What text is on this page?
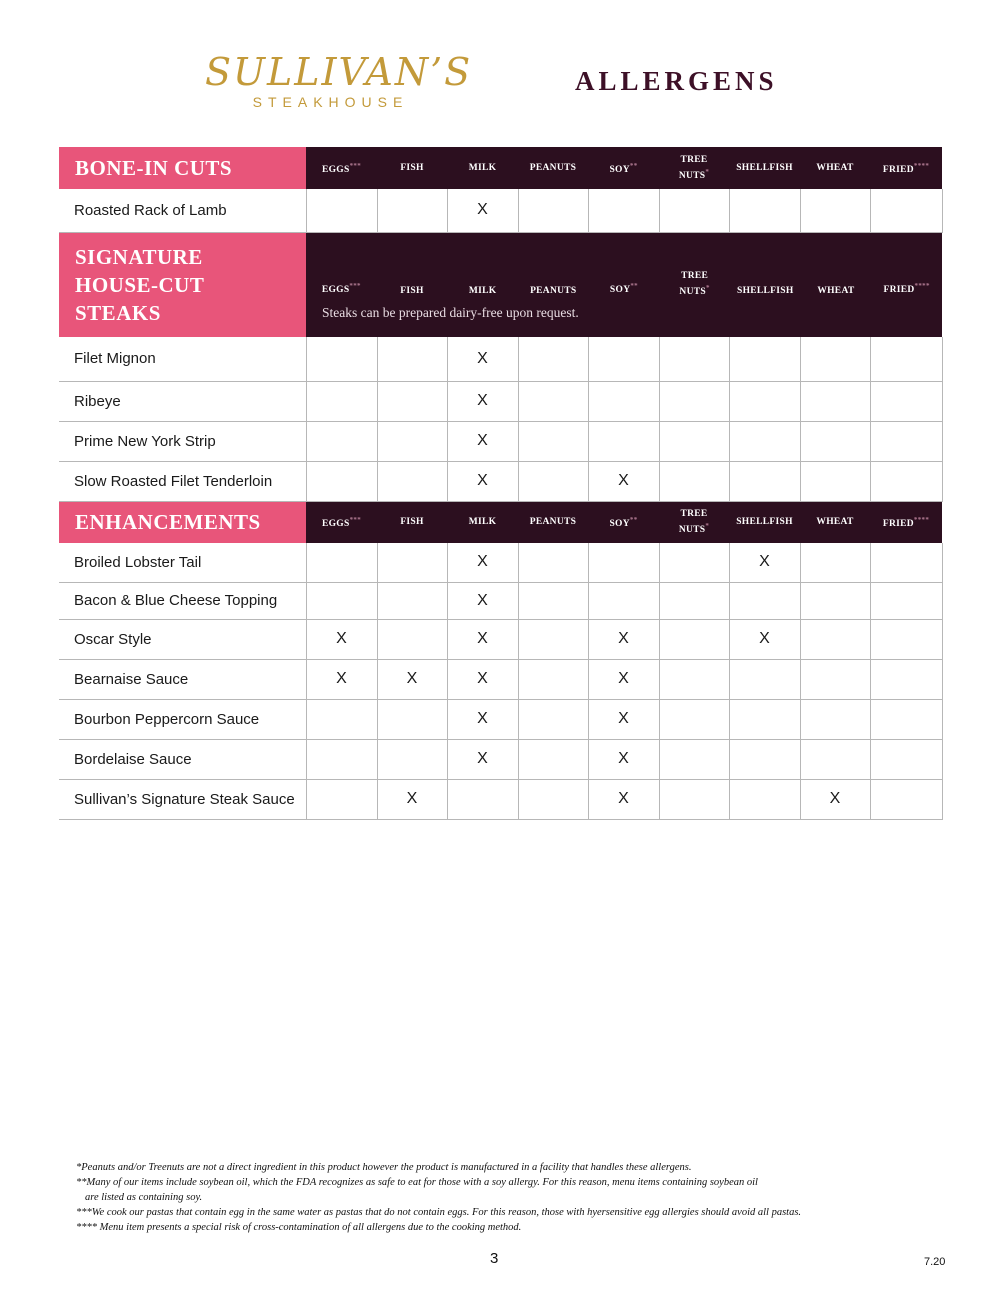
SULLIVAN’S
STEAKHOUSE
ALLERGENS
BONE-IN CUTS	EGGS***	FISH	MILK	PEANUTS	SOY**	TREE NUTS*	SHELLFISH	WHEAT	FRIED****
Roasted Rack of Lamb			X						
SIGNATURE HOUSE-CUT STEAKS	
EGGS***	FISH	MILK	PEANUTS	SOY**	TREE NUTS*	SHELLFISH	WHEAT	FRIED****
Steaks can be prepared dairy-free upon request.

Filet Mignon			X						
Ribeye			X						
Prime New York Strip			X						
Slow Roasted Filet Tenderloin			X		X				
ENHANCEMENTS	EGGS***	FISH	MILK	PEANUTS	SOY**	TREE NUTS*	SHELLFISH	WHEAT	FRIED****
Broiled Lobster Tail			X				X		
Bacon & Blue Cheese Topping			X						
Oscar Style	X		X		X		X		
Bearnaise Sauce	X	X	X		X				
Bourbon Peppercorn Sauce			X		X				
Bordelaise Sauce			X		X				
Sullivan’s Signature Steak Sauce		X			X			X	
*Peanuts and/or Treenuts are not a direct ingredient in this product however the product is manufactured in a facility that handles these allergens.
**Many of our items include soybean oil, which the FDA recognizes as safe to eat for those with a soy allergy. For this reason, menu items containing soybean oil
are listed as containing soy.
***We cook our pastas that contain egg in the same water as pastas that do not contain eggs. For this reason, those with hyersensitive egg allergies should avoid all pastas.
**** Menu item presents a special risk of cross-contamination of all allergens due to the cooking method.
3	7.20
